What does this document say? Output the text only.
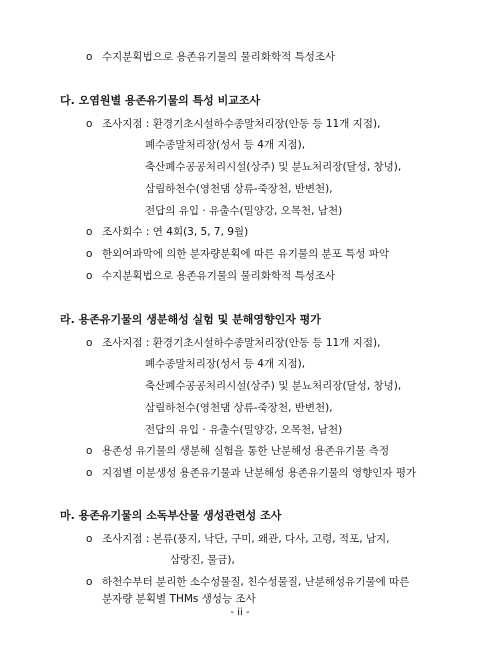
o 수지분획법으로 용존유기물의 물리화학적 특성조사
다. 오염원별 용존유기물의 특성 비교조사
o 조사지점 : 환경기초시설하수종말처리장(안동 등 11개 지점),
폐수종말처리장(성서 등 4개 지점),
축산폐수공공처리시설(상주) 및 분뇨처리장(달성, 창녕),
삼림하천수(영천댐 상류-죽장천, 반변천),
전답의 유입 · 유출수(밀양강, 오목천, 남천)
o 조사회수 : 연 4회(3, 5, 7, 9월)
o 한외여과막에 의한 분자량분획에 따른 유기물의 분포 특성 파악
o 수지분획법으로 용존유기물의 물리화학적 특성조사
라. 용존유기물의 생분해성 실험 및 분해영향인자 평가
o 조사지점 : 환경기초시설하수종말처리장(안동 등 11개 지점),
폐수종말처리장(성서 등 4개 지점),
축산폐수공공처리시설(상주) 및 분뇨처리장(달성, 창녕),
삼림하천수(영천댐 상류-죽장천, 반변천),
전답의 유입 · 유출수(밀양강, 오목천, 남천)
o 용존성 유기물의 생분해 실험을 통한 난분해성 용존유기물 측정
o 지점별 이분생성 용존유기물과 난분해성 용존유기물의 영향인자 평가
마. 용존유기물의 소독부산물 생성관련성 조사
o 조사지점 : 본류(풍지, 낙단, 구미, 왜관, 다사, 고령, 적포, 남지,
삼랑진, 물금),
o 하천수부터 분리한 소수성물질, 친수성물질, 난분해성유기물에 따른
분자량 분획별 THMs 생성능 조사
- ii -
